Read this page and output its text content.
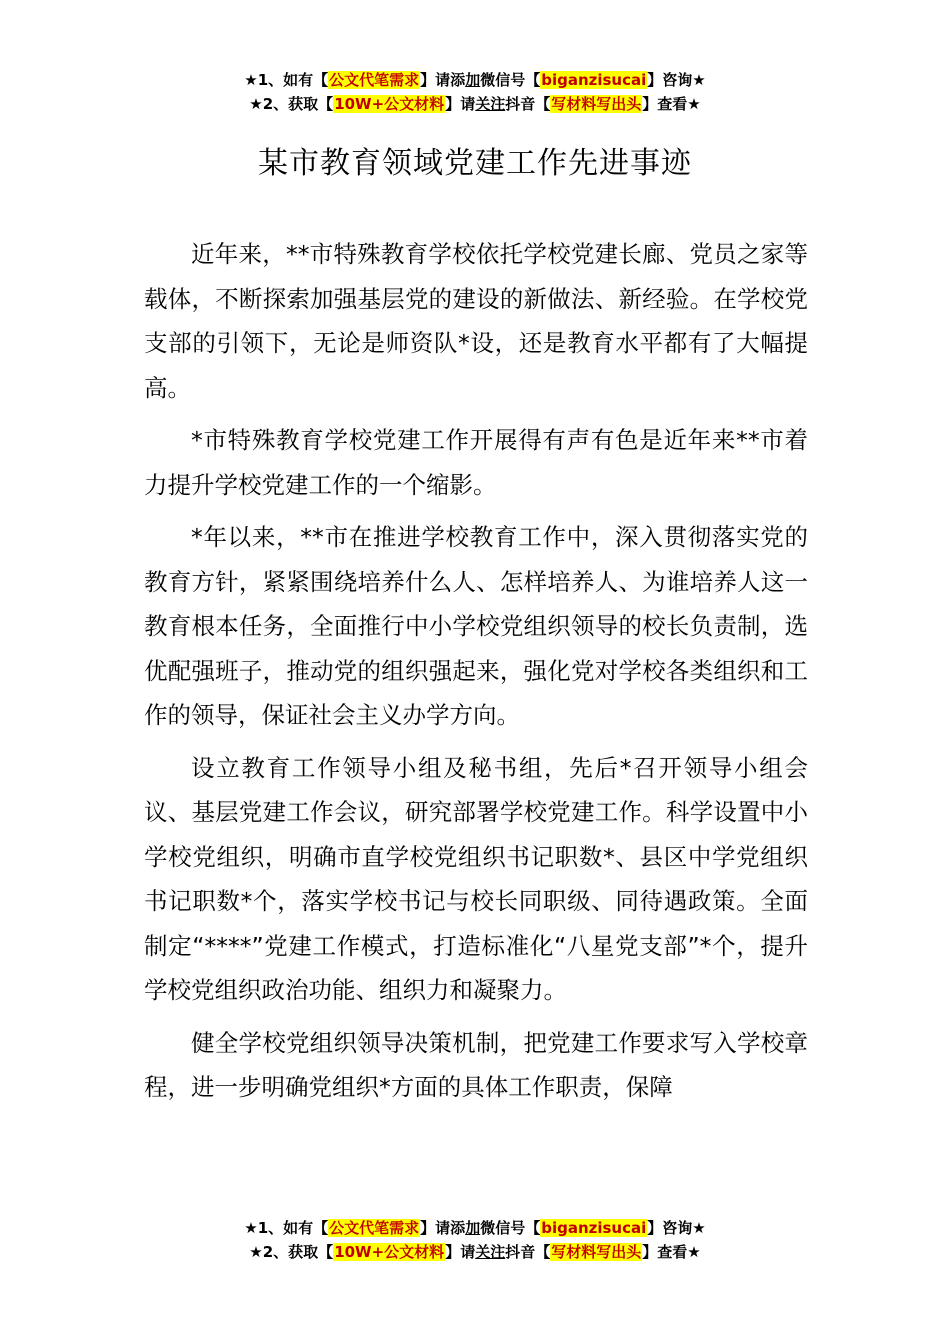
★1、如有【公文代笔需求】请添加微信号【biganzisucai】咨询★
★2、获取【10W+公文材料】请关注抖音【写材料写出头】查看★
某市教育领域党建工作先进事迹

近年来，**市特殊教育学校依托学校党建长廊、党员之家等载体，不断探索加强基层党的建设的新做法、新经验。在学校党支部的引领下，无论是师资队*设，还是教育水平都有了大幅提高。

*市特殊教育学校党建工作开展得有声有色是近年来**市着力提升学校党建工作的一个缩影。

*年以来，**市在推进学校教育工作中，深入贯彻落实党的教育方针，紧紧围绕培养什么人、怎样培养人、为谁培养人这一教育根本任务，全面推行中小学校党组织领导的校长负责制，选优配强班子，推动党的组织强起来，强化党对学校各类组织和工作的领导，保证社会主义办学方向。

设立教育工作领导小组及秘书组，先后*召开领导小组会议、基层党建工作会议，研究部署学校党建工作。科学设置中小学校党组织，明确市直学校党组织书记职数*、县区中学党组织书记职数*个，落实学校书记与校长同职级、同待遇政策。全面制定“****”党建工作模式，打造标准化“八星党支部”*个，提升学校党组织政治功能、组织力和凝聚力。

健全学校党组织领导决策机制，把党建工作要求写入学校章程，进一步明确党组织*方面的具体工作职责，保障

★1、如有【公文代笔需求】请添加微信号【biganzisucai】咨询★
★2、获取【10W+公文材料】请关注抖音【写材料写出头】查看★
